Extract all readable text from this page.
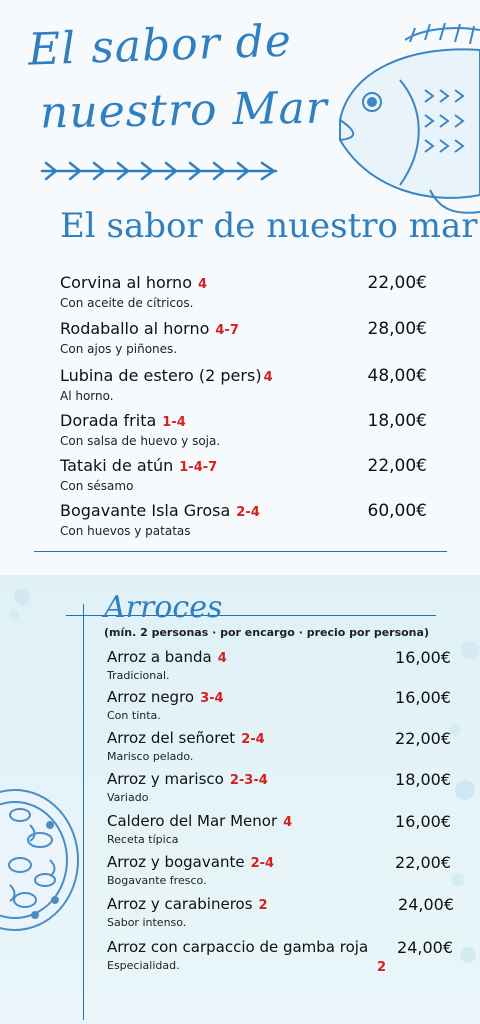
El sabor de
nuestro Mar
El sabor de nuestro mar
Corvina al horno 4
Con aceite de cítricos.
22,00€
Rodaballo al horno 4-7
Con ajos y piñones.
28,00€
Lubina de estero (2 pers) 4
Al horno.
48,00€
Dorada frita 1-4
Con salsa de huevo y soja.
18,00€
Tataki de atún 1-4-7
Con sésamo
22,00€
Bogavante Isla Grosa 2-4
Con huevos y patatas
60,00€
Arroces
(mín. 2 personas · por encargo · precio por persona)
Arroz a banda 4
Tradicional.
16,00€
Arroz negro 3-4
Con tinta.
16,00€
Arroz del señoret 2-4
Marisco pelado.
22,00€
Arroz y marisco 2-3-4
Variado
18,00€
Caldero del Mar Menor 4
Receta típica
16,00€
Arroz y bogavante 2-4
Bogavante fresco.
22,00€
Arroz y carabineros 2
Sabor intenso.
24,00€
Arroz con carpaccio de gamba roja
Especialidad.
24,00€
2
